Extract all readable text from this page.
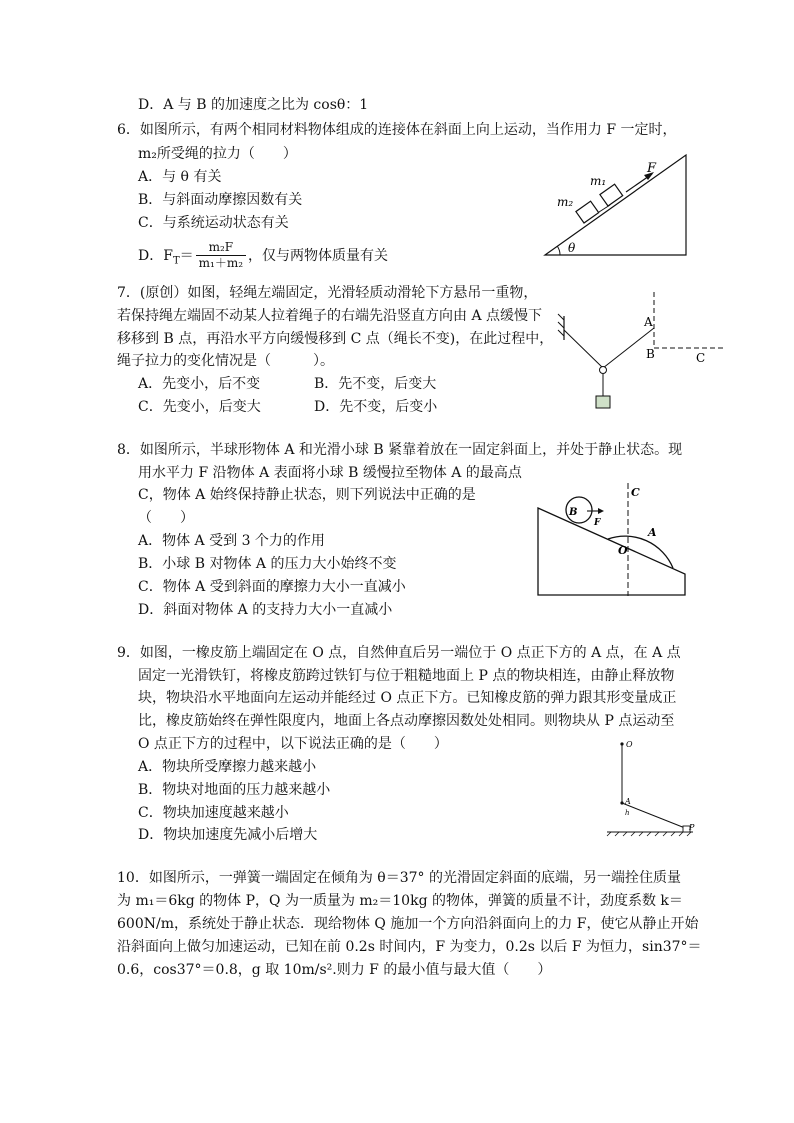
D．A 与 B 的加速度之比为 cosθ：1
6．如图所示，有两个相同材料物体组成的连接体在斜面上向上运动，当作用力 F 一定时，
m₂所受绳的拉力（　　）
A．与 θ 有关
B．与斜面动摩擦因数有关
C．与系统运动状态有关
D．$F_T= \frac{\text{m₂F}}{\text{m₁＋m₂}}$ ，仅与两物体质量有关
m₁
m₂
F
θ
7．(原创）如图，轻绳左端固定，光滑轻质动滑轮下方悬吊一重物，
若保持绳左端固不动某人拉着绳子的右端先沿竖直方向由 A 点缓慢下
移移到 B 点，再沿水平方向缓慢移到 C 点（绳长不变)，在此过程中，
绳子拉力的变化情况是（　　　）。
A．先变小，后不变	B．先不变，后变大
C．先变小，后变大	D．先不变，后变小
A
B	C
8．如图所示，半球形物体 A 和光滑小球 B 紧靠着放在一固定斜面上，并处于静止状态。现
用水平力 F 沿物体 A 表面将小球 B 缓慢拉至物体 A 的最高点
C，物体 A 始终保持静止状态，则下列说法中正确的是
（　　）
A．物体 A 受到 3 个力的作用
B．小球 B 对物体 A 的压力大小始终不变
C．物体 A 受到斜面的摩擦力大小一直减小
D．斜面对物体 A 的支持力大小一直减小
B
F
C
A
O
9．如图，一橡皮筋上端固定在 O 点，自然伸直后另一端位于 O 点正下方的 A 点，在 A 点
固定一光滑铁钉，将橡皮筋跨过铁钉与位于粗糙地面上 P 点的物块相连，由静止释放物
块，物块沿水平地面向左运动并能经过 O 点正下方。已知橡皮筋的弹力跟其形变量成正
比，橡皮筋始终在弹性限度内，地面上各点动摩擦因数处处相同。则物块从 P 点运动至
O 点正下方的过程中，以下说法正确的是（　　）
A．物块所受摩擦力越来越小
B．物块对地面的压力越来越小
C．物块加速度越来越小
D．物块加速度先减小后增大
O
A
h
P
10．如图所示，一弹簧一端固定在倾角为 θ＝37° 的光滑固定斜面的底端，另一端拴住质量
为 m₁＝6kg 的物体 P，Q 为一质量为 m₂＝10kg 的物体，弹簧的质量不计，劲度系数 k＝
600N/m，系统处于静止状态．现给物体 Q 施加一个方向沿斜面向上的力 F，使它从静止开始
沿斜面向上做匀加速运动，已知在前 0.2s 时间内，F 为变力，0.2s 以后 F 为恒力，sin37°＝
0.6，cos37°＝0.8，g 取 10m/s².则力 F 的最小值与最大值（　　）
